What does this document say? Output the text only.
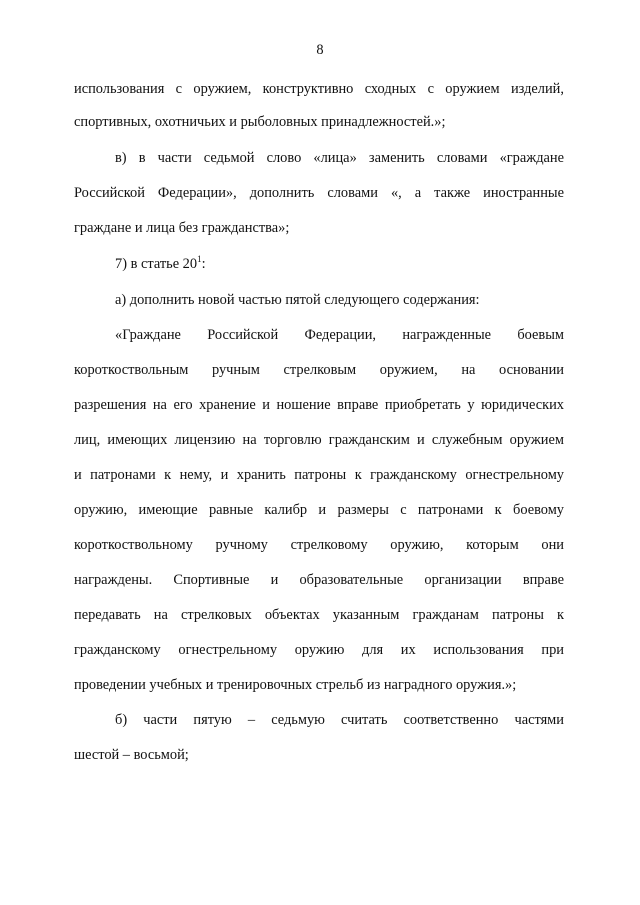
8
использования с оружием, конструктивно сходных с оружием изделий,
спортивных, охотничьих и рыболовных принадлежностей.»;
в) в части седьмой слово «лица» заменить словами «граждане
Российской Федерации», дополнить словами «, а также иностранные
граждане и лица без гражданства»;
7) в статье $20^1$:
а) дополнить новой частью пятой следующего содержания:
«Граждане Российской Федерации, награжденные боевым
короткоствольным ручным стрелковым оружием, на основании
разрешения на его хранение и ношение вправе приобретать у юридических
лиц, имеющих лицензию на торговлю гражданским и служебным оружием
и патронами к нему, и хранить патроны к гражданскому огнестрельному
оружию, имеющие равные калибр и размеры с патронами к боевому
короткоствольному ручному стрелковому оружию, которым они
награждены. Спортивные и образовательные организации вправе
передавать на стрелковых объектах указанным гражданам патроны к
гражданскому огнестрельному оружию для их использования при
проведении учебных и тренировочных стрельб из наградного оружия.»;
б) части пятую – седьмую считать соответственно частями
шестой – восьмой;
